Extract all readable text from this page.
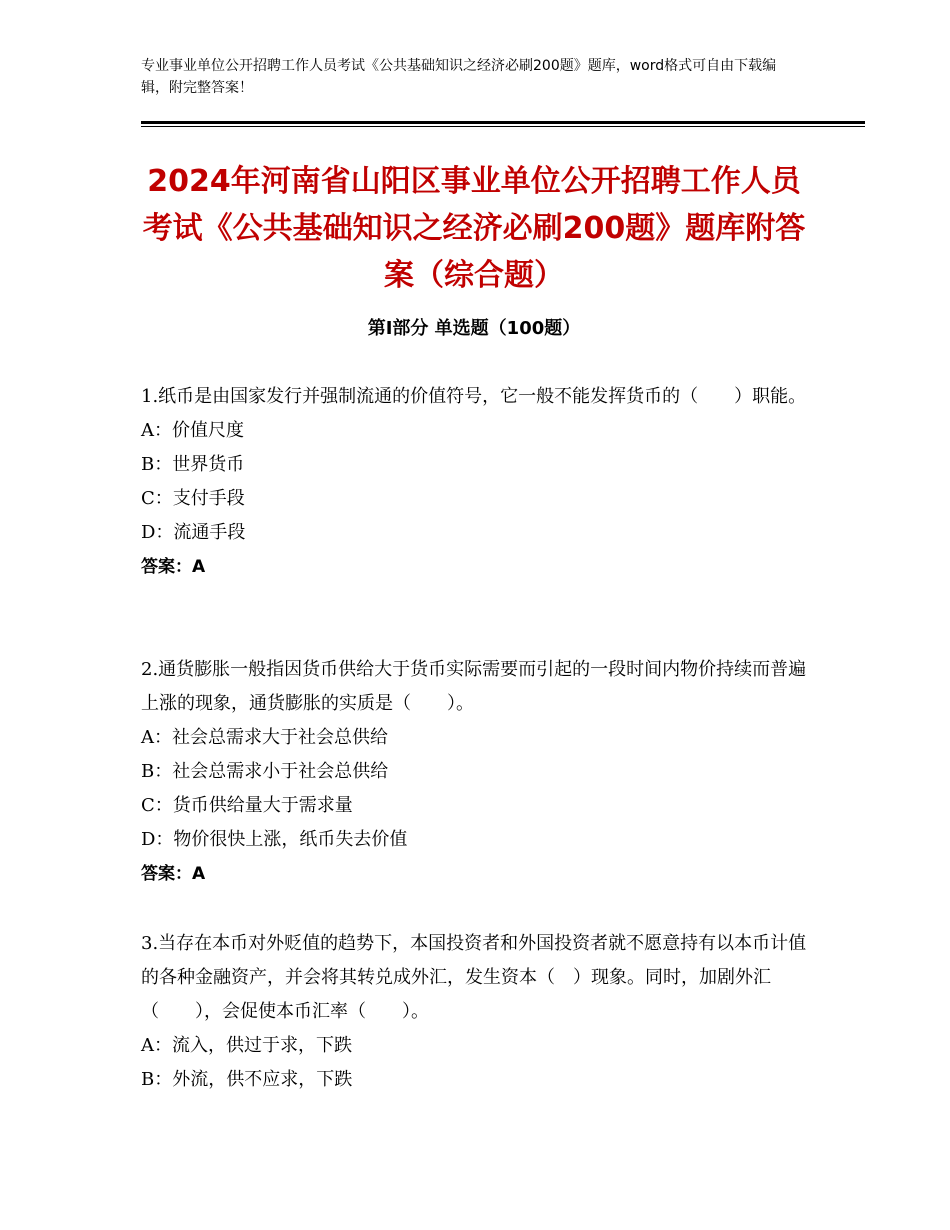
专业事业单位公开招聘工作人员考试《公共基础知识之经济必刷200题》题库，word格式可自由下载编辑，附完整答案！
2024年河南省山阳区事业单位公开招聘工作人员考试《公共基础知识之经济必刷200题》题库附答案（综合题）
第Ⅰ部分 单选题（100题）
1.纸币是由国家发行并强制流通的价值符号，它一般不能发挥货币的（　　）职能。
A：价值尺度
B：世界货币
C：支付手段
D：流通手段
答案：A
2.通货膨胀一般指因货币供给大于货币实际需要而引起的一段时间内物价持续而普遍上涨的现象，通货膨胀的实质是（　　）。
A：社会总需求大于社会总供给
B：社会总需求小于社会总供给
C：货币供给量大于需求量
D：物价很快上涨，纸币失去价值
答案：A
3.当存在本币对外贬值的趋势下，本国投资者和外国投资者就不愿意持有以本币计值的各种金融资产，并会将其转兑成外汇，发生资本（　）现象。同时，加剧外汇（　　），会促使本币汇率（　　）。
A：流入，供过于求，下跌
B：外流，供不应求，下跌
